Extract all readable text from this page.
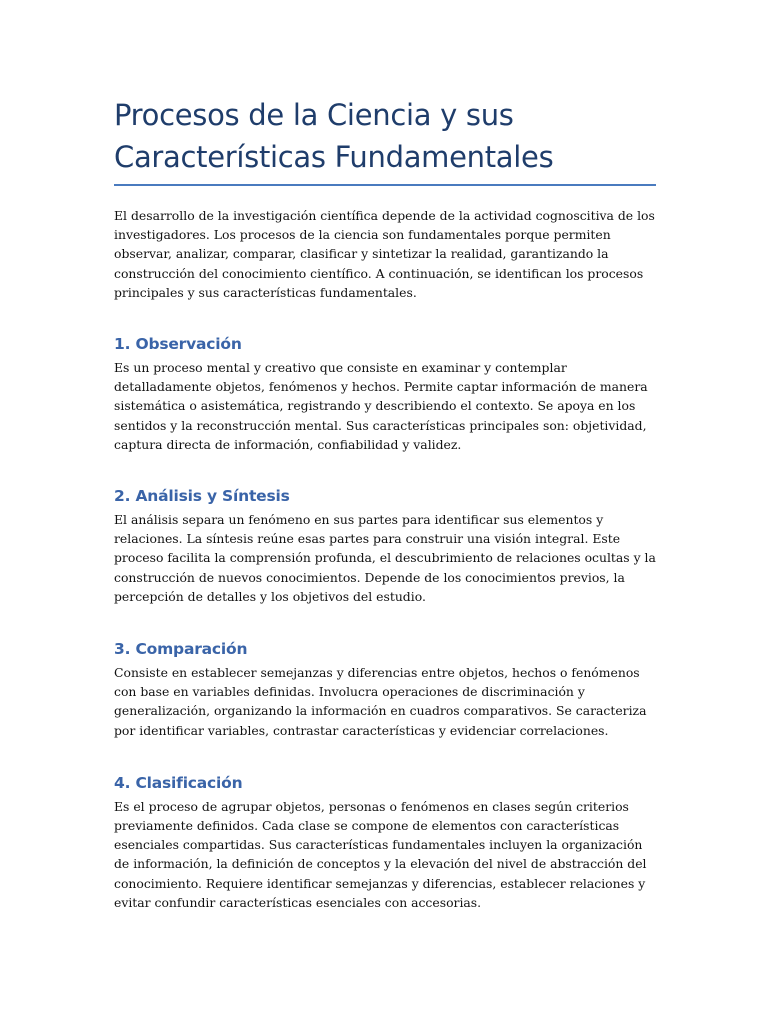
Procesos de la Ciencia y sus Características Fundamentales

El desarrollo de la investigación científica depende de la actividad cognoscitiva de los investigadores. Los procesos de la ciencia son fundamentales porque permiten observar, analizar, comparar, clasificar y sintetizar la realidad, garantizando la construcción del conocimiento científico. A continuación, se identifican los procesos principales y sus características fundamentales.

1. Observación

Es un proceso mental y creativo que consiste en examinar y contemplar detalladamente objetos, fenómenos y hechos. Permite captar información de manera sistemática o asistemática, registrando y describiendo el contexto. Se apoya en los sentidos y la reconstrucción mental. Sus características principales son: objetividad, captura directa de información, confiabilidad y validez.

2. Análisis y Síntesis

El análisis separa un fenómeno en sus partes para identificar sus elementos y relaciones. La síntesis reúne esas partes para construir una visión integral. Este proceso facilita la comprensión profunda, el descubrimiento de relaciones ocultas y la construcción de nuevos conocimientos. Depende de los conocimientos previos, la percepción de detalles y los objetivos del estudio.

3. Comparación

Consiste en establecer semejanzas y diferencias entre objetos, hechos o fenómenos con base en variables definidas. Involucra operaciones de discriminación y generalización, organizando la información en cuadros comparativos. Se caracteriza por identificar variables, contrastar características y evidenciar correlaciones.

4. Clasificación

Es el proceso de agrupar objetos, personas o fenómenos en clases según criterios previamente definidos. Cada clase se compone de elementos con características esenciales compartidas. Sus características fundamentales incluyen la organización de información, la definición de conceptos y la elevación del nivel de abstracción del conocimiento. Requiere identificar semejanzas y diferencias, establecer relaciones y evitar confundir características esenciales con accesorias.
